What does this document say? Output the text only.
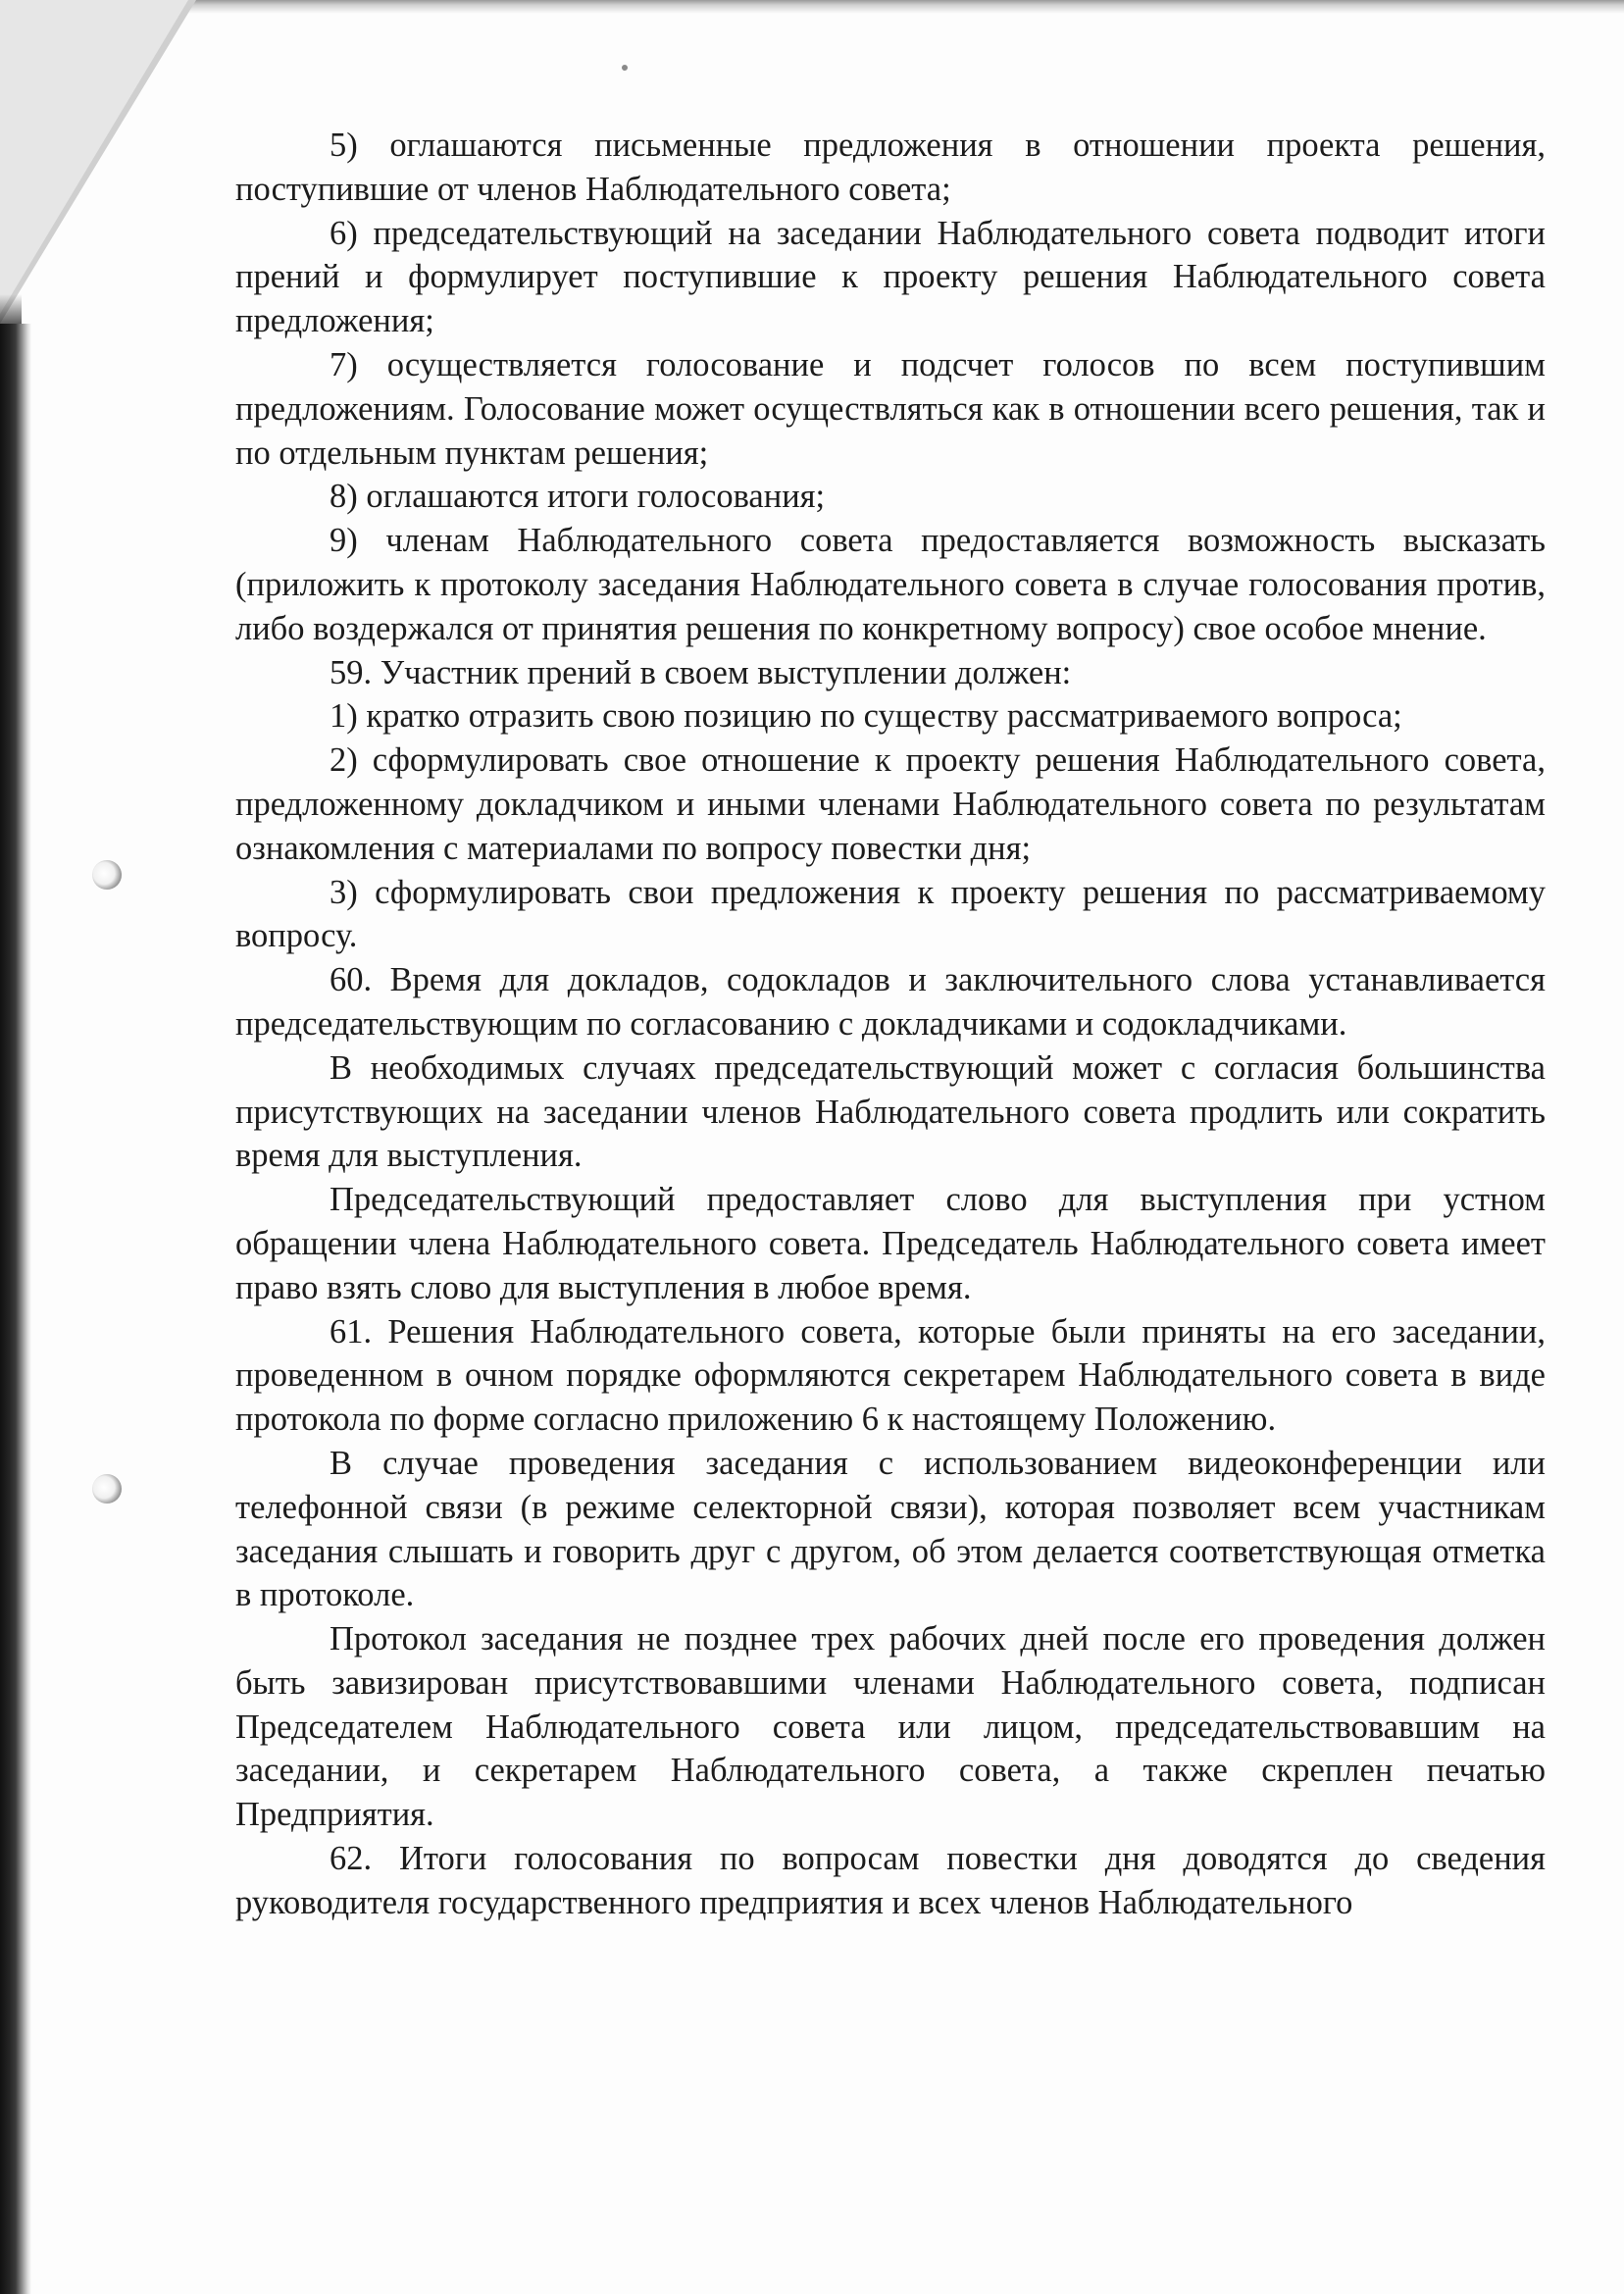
5) оглашаются письменные предложения в отношении проекта решения, поступившие от членов Наблюдательного совета;

6) председательствующий на заседании Наблюдательного совета подводит итоги прений и формулирует поступившие к проекту решения Наблюдательного совета предложения;

7) осуществляется голосование и подсчет голосов по всем поступившим предложениям. Голосование может осуществляться как в отношении всего решения, так и по отдельным пунктам решения;

8) оглашаются итоги голосования;

9) членам Наблюдательного совета предоставляется возможность высказать (приложить к протоколу заседания Наблюдательного совета в случае голосования против, либо воздержался от принятия решения по конкретному вопросу) свое особое мнение.

59. Участник прений в своем выступлении должен:

1) кратко отразить свою позицию по существу рассматриваемого вопроса;

2) сформулировать свое отношение к проекту решения Наблюдательного совета, предложенному докладчиком и иными членами Наблюдательного совета по результатам ознакомления с материалами по вопросу повестки дня;

3) сформулировать свои предложения к проекту решения по рассматриваемому вопросу.

60. Время для докладов, содокладов и заключительного слова устанавливается председательствующим по согласованию с докладчиками и содокладчиками.

В необходимых случаях председательствующий может с согласия большинства присутствующих на заседании членов Наблюдательного совета продлить или сократить время для выступления.

Председательствующий предоставляет слово для выступления при устном обращении члена Наблюдательного совета. Председатель Наблюдательного совета имеет право взять слово для выступления в любое время.

61. Решения Наблюдательного совета, которые были приняты на его заседании, проведенном в очном порядке оформляются секретарем Наблюдательного совета в виде протокола по форме согласно приложению 6 к настоящему Положению.

В случае проведения заседания с использованием видеоконференции или телефонной связи (в режиме селекторной связи), которая позволяет всем участникам заседания слышать и говорить друг с другом, об этом делается соответствующая отметка в протоколе.

Протокол заседания не позднее трех рабочих дней после его проведения должен быть завизирован присутствовавшими членами Наблюдательного совета, подписан Председателем Наблюдательного совета или лицом, председательствовавшим на заседании, и секретарем Наблюдательного совета, а также скреплен печатью Предприятия.

62. Итоги голосования по вопросам повестки дня доводятся до сведения руководителя государственного предприятия и всех членов Наблюдательного
